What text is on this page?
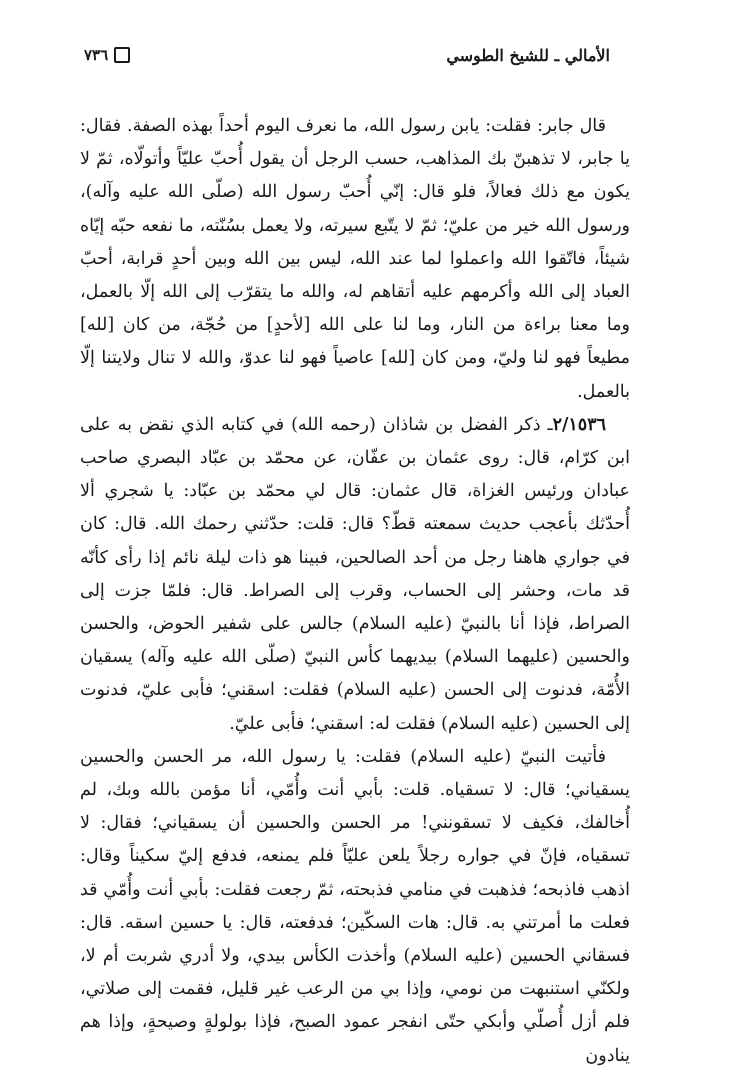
الأمالي ـ للشيخ الطوسي
٧٣٦

قال جابر: فقلت: يابن رسول الله، ما نعرف اليوم أحداً بهذه الصفة. فقال: يا جابر، لا تذهبنّ بك المذاهب، حسب الرجل أن يقول أُحبّ عليّاً وأتولّاه، ثمّ لا يكون مع ذلك فعالاً، فلو قال: إنّي أُحبّ رسول الله (صلّى الله عليه وآله)، ورسول الله خير من عليّ؛ ثمّ لا يتّبع سيرته، ولا يعمل بسُنّته، ما نفعه حبّه إيّاه شيئاً، فاتّقوا الله واعملوا لما عند الله، ليس بين الله وبين أحدٍ قرابة، أحبّ العباد إلى الله وأكرمهم عليه أتقاهم له، والله ما يتقرّب إلى الله إلّا بالعمل، وما معنا براءة من النار، وما لنا على الله [لأحدٍ] من حُجّة، من كان [لله] مطيعاً فهو لنا وليّ، ومن كان [لله] عاصياً فهو لنا عدوّ، والله لا تنال ولايتنا إلّا بالعمل.

٢/١٥٣٦ـ ذكر الفضل بن شاذان (رحمه الله) في كتابه الذي نقض به على ابن كرّام، قال: روى عثمان بن عفّان، عن محمّد بن عبّاد البصري صاحب عبادان ورئيس الغزاة، قال عثمان: قال لي محمّد بن عبّاد: يا شجري ألا أُحدّثك بأعجب حديث سمعته قطّ؟ قال: قلت: حدّثني رحمك الله. قال: كان في جواري هاهنا رجل من أحد الصالحين، فبينا هو ذات ليلة نائم إذا رأى كأنّه قد مات، وحشر إلى الحساب، وقرب إلى الصراط. قال: فلمّا جزت إلى الصراط، فإذا أنا بالنبيّ (عليه السلام) جالس على شفير الحوض، والحسن والحسين (عليهما السلام) بيديهما كأس النبيّ (صلّى الله عليه وآله) يسقيان الأُمّة، فدنوت إلى الحسن (عليه السلام) فقلت: اسقني؛ فأبى عليّ، فدنوت إلى الحسين (عليه السلام) فقلت له: اسقني؛ فأبى عليّ.

فأتيت النبيّ (عليه السلام) فقلت: يا رسول الله، مر الحسن والحسين يسقياني؛ قال: لا تسقياه. قلت: بأبي أنت وأُمّي، أنا مؤمن بالله وبك، لم أُخالفك، فكيف لا تسقونني! مر الحسن والحسين أن يسقياني؛ فقال: لا تسقياه، فإنّ في جواره رجلاً يلعن عليّاً فلم يمنعه، فدفع إليّ سكيناً وقال: اذهب فاذبحه؛ فذهبت في منامي فذبحته، ثمّ رجعت فقلت: بأبي أنت وأُمّي قد فعلت ما أمرتني به. قال: هات السكّين؛ فدفعته، قال: يا حسين اسقه. قال: فسقاني الحسين (عليه السلام) وأخذت الكأس بيدي، ولا أدري شربت أم لا، ولكنّي استنبهت من نومي، وإذا بي من الرعب غير قليل، فقمت إلى صلاتي، فلم أزل أُصلّي وأبكي حتّى انفجر عمود الصبح، فإذا بولولةٍ وصيحةٍ، وإذا هم ينادون
